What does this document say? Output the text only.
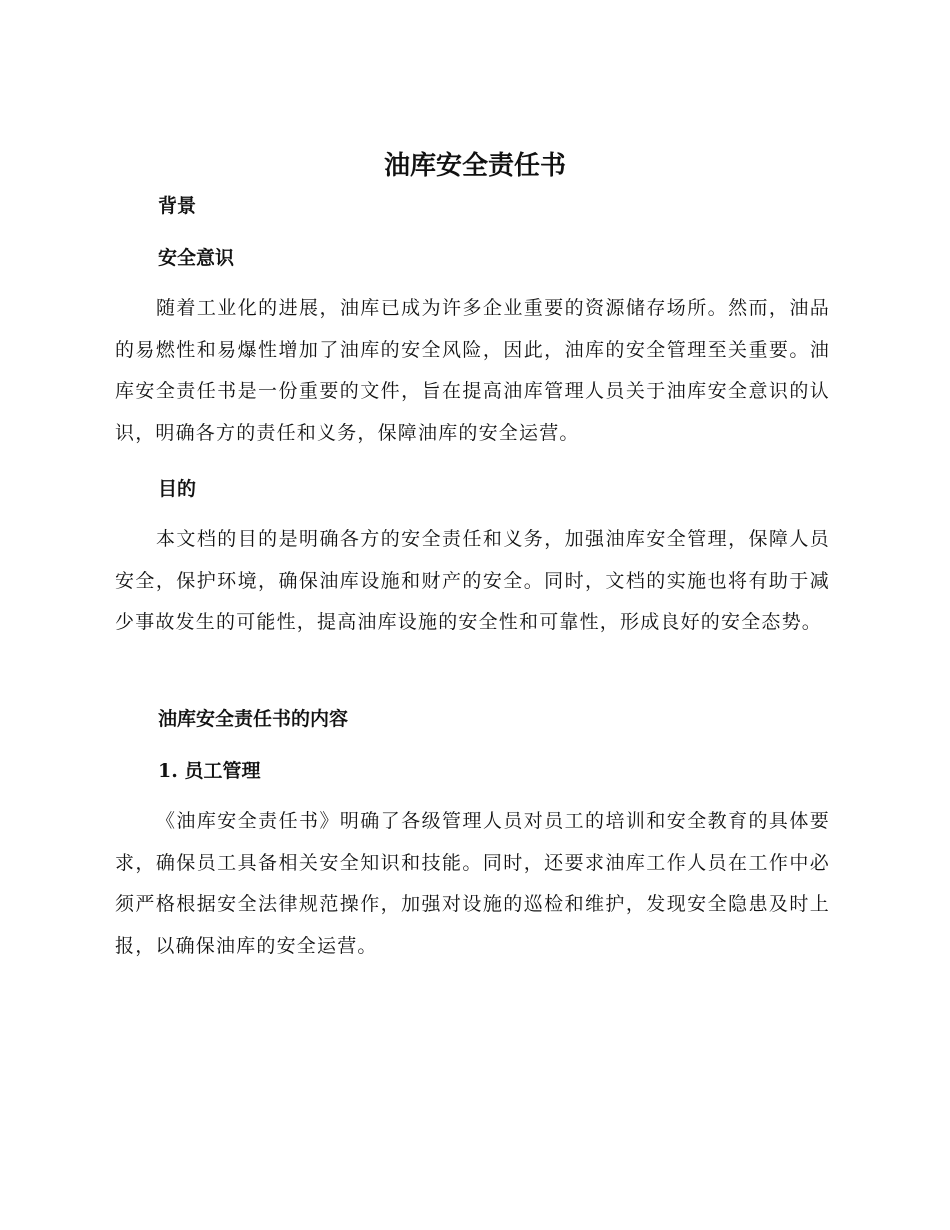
油库安全责任书
背景
安全意识

随着工业化的进展，油库已成为许多企业重要的资源储存场所。然而，油品的易燃性和易爆性增加了油库的安全风险，因此，油库的安全管理至关重要。油库安全责任书是一份重要的文件，旨在提高油库管理人员关于油库安全意识的认识，明确各方的责任和义务，保障油库的安全运营。

目的

本文档的目的是明确各方的安全责任和义务，加强油库安全管理，保障人员安全，保护环境，确保油库设施和财产的安全。同时，文档的实施也将有助于减少事故发生的可能性，提高油库设施的安全性和可靠性，形成良好的安全态势。

油库安全责任书的内容
1. 员工管理

《油库安全责任书》明确了各级管理人员对员工的培训和安全教育的具体要求，确保员工具备相关安全知识和技能。同时，还要求油库工作人员在工作中必须严格根据安全法律规范操作，加强对设施的巡检和维护，发现安全隐患及时上报，以确保油库的安全运营。
